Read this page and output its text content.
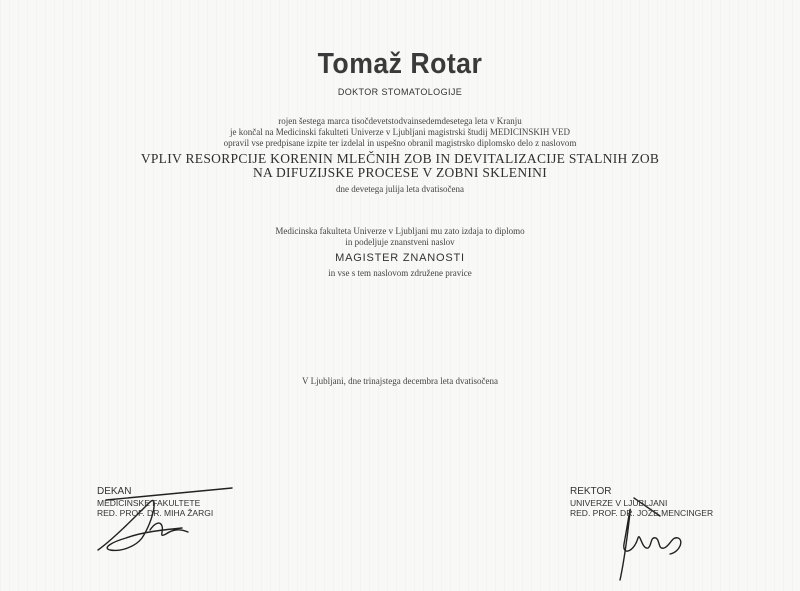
Tomaž Rotar
DOKTOR STOMATOLOGIJE
rojen šestega marca tisočdevetstodvainsedemdesetega leta v Kranju
je končal na Medicinski fakulteti Univerze v Ljubljani magistrski študij MEDICINSKIH VED
opravil vse predpisane izpite ter izdelal in uspešno obranil magistrsko diplomsko delo z naslovom
VPLIV RESORPCIJE KORENIN MLEČNIH ZOB IN DEVITALIZACIJE STALNIH ZOB
NA DIFUZIJSKE PROCESE V ZOBNI SKLENINI
dne devetega julija leta dvatisočena
Medicinska fakulteta Univerze v Ljubljani mu zato izdaja to diplomo
in podeljuje znanstveni naslov
MAGISTER ZNANOSTI
in vse s tem naslovom združene pravice
V Ljubljani, dne trinajstega decembra leta dvatisočena
DEKAN
MEDICINSKE FAKULTETE
RED. PROF. DR. MIHA ŽARGI
REKTOR
UNIVERZE V LJUBLJANI
RED. PROF. DR. JOŽE MENCINGER
